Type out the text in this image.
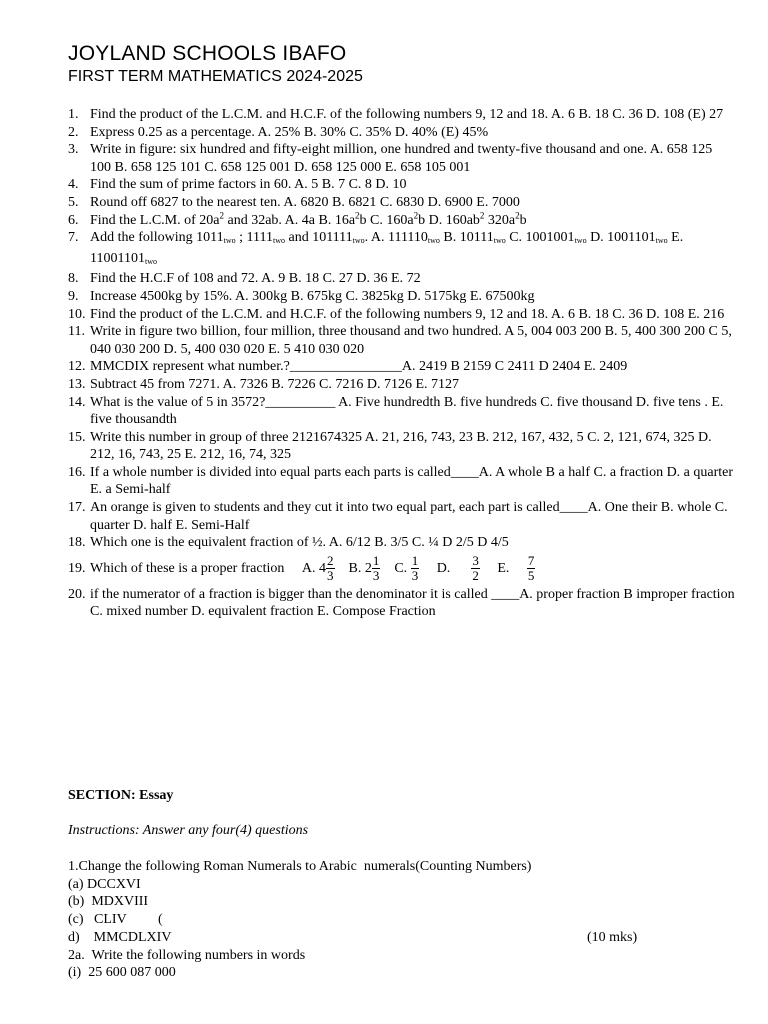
JOYLAND SCHOOLS IBAFO
FIRST TERM MATHEMATICS 2024-2025
1. Find the product of the L.C.M. and H.C.F. of the following numbers 9, 12 and 18. A. 6 B. 18 C. 36 D. 108 (E) 27
2. Express 0.25 as a percentage. A. 25% B. 30% C. 35% D. 40% (E) 45%
3. Write in figure: six hundred and fifty-eight million, one hundred and twenty-five thousand and one. A. 658 125 100 B. 658 125 101 C. 658 125 001 D. 658 125 000 E. 658 105 001
4. Find the sum of prime factors in 60. A. 5 B. 7 C. 8 D. 10
5. Round off 6827 to the nearest ten. A. 6820 B. 6821 C. 6830 D. 6900 E. 7000
6. Find the L.C.M. of $20a^2$ and 32ab. A. 4a B. $16a^2b$ C. $160a^2b$ D. $160ab^2$ $320a^2b$
7. Add the following $1011_{two}$ ; $1111_{two}$ and $101111_{two}$. A. $111110_{two}$ B. $10111_{two}$ C. $1001001_{two}$ D. $1001101_{two}$ E. $11001101_{two}$
8. Find the H.C.F of 108 and 72. A. 9 B. 18 C. 27 D. 36 E. 72
9. Increase 4500kg by 15%. A. 300kg B. 675kg C. 3825kg D. 5175kg E. 67500kg
10. Find the product of the L.C.M. and H.C.F. of the following numbers 9, 12 and 18. A. 6 B. 18 C. 36 D. 108 E. 216
11. Write in figure two billion, four million, three thousand and two hundred. A 5, 004 003 200 B. 5, 400 300 200 C 5, 040 030 200 D. 5, 400 030 020 E. 5 410 030 020
12. MMCDIX represent what number.?________________A. 2419 B 2159 C 2411 D 2404 E. 2409
13. Subtract 45 from 7271. A. 7326 B. 7226 C. 7216 D. 7126 E. 7127
14. What is the value of 5 in 3572?__________ A. Five hundredth B. five hundreds C. five thousand D. five tens . E. five thousandth
15. Write this number in group of three 2121674325 A. 21, 216, 743, 23 B. 212, 167, 432, 5 C. 2, 121, 674, 325 D. 212, 16, 743, 25 E. 212, 16, 74, 325
16. If a whole number is divided into equal parts each parts is called____A. A whole B a half C. a fraction D. a quarter E. a Semi-half
17. An orange is given to students and they cut it into two equal part, each part is called____A. One their B. whole C. quarter D. half E. Semi-Half
18. Which one is the equivalent fraction of ½. A. 6/12 B. 3/5 C. ¼ D 2/5 D 4/5
19. Which of these is a proper fraction A. $4 \frac{2}{3} B$. $2 \frac{1}{3} C$. $\frac{1}{3} D$. $\frac{3}{2} E$. $\frac{7}{5}$
20. if the numerator of a fraction is bigger than the denominator it is called ____A. proper fraction B improper fraction C. mixed number D. equivalent fraction E. Compose Fraction
SECTION: Essay
Instructions: Answer any four(4) questions
1.Change the following Roman Numerals to Arabic  numerals(Counting Numbers)
(a) DCCXVI
(b)  MDXVIII
(c)   CLIV         (
d)    MMCDLXIV	(10 mks)
2a.  Write the following numbers in words
(i)  25 600 087 000
